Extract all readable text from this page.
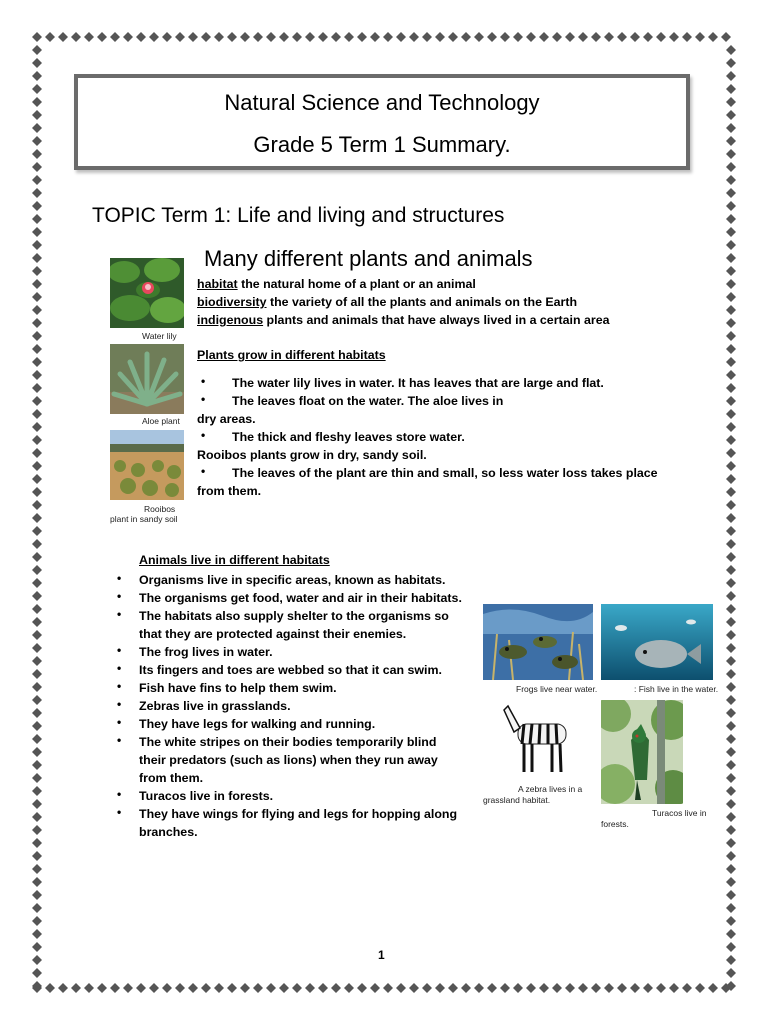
Natural Science and Technology
Grade 5 Term 1 Summary.
TOPIC Term 1: Life and living and structures
Many different plants and animals
Water lily
Aloe plant
Rooibos
plant in sandy soil
habitat the natural home of a plant or an animal
biodiversity the variety of all the plants and animals on the Earth
indigenous plants and animals that have always lived in a certain area
Plants grow in different habitats
• The water lily lives in water. It has leaves that are large and flat.
• The leaves float on the water. The aloe lives in
dry areas.
• The thick and fleshy leaves store water.
Rooibos plants grow in dry, sandy soil.
• The leaves of the plant are thin and small, so less water loss takes place
from them.
Animals live in different habitats
• Organisms live in specific areas, known as habitats.
• The organisms get food, water and air in their habitats.
• The habitats also supply shelter to the organisms so
that they are protected against their enemies.
• The frog lives in water.
• Its fingers and toes are webbed so that it can swim.
• Fish have fins to help them swim.
• Zebras live in grasslands.
• They have legs for walking and running.
• The white stripes on their bodies temporarily blind
their predators (such as lions) when they run away
from them.
• Turacos live in forests.
• They have wings for flying and legs for hopping along
branches.
Frogs live near water.	: Fish live in the water.
A zebra lives in a
grassland habitat.
Turacos live in
forests.
1
